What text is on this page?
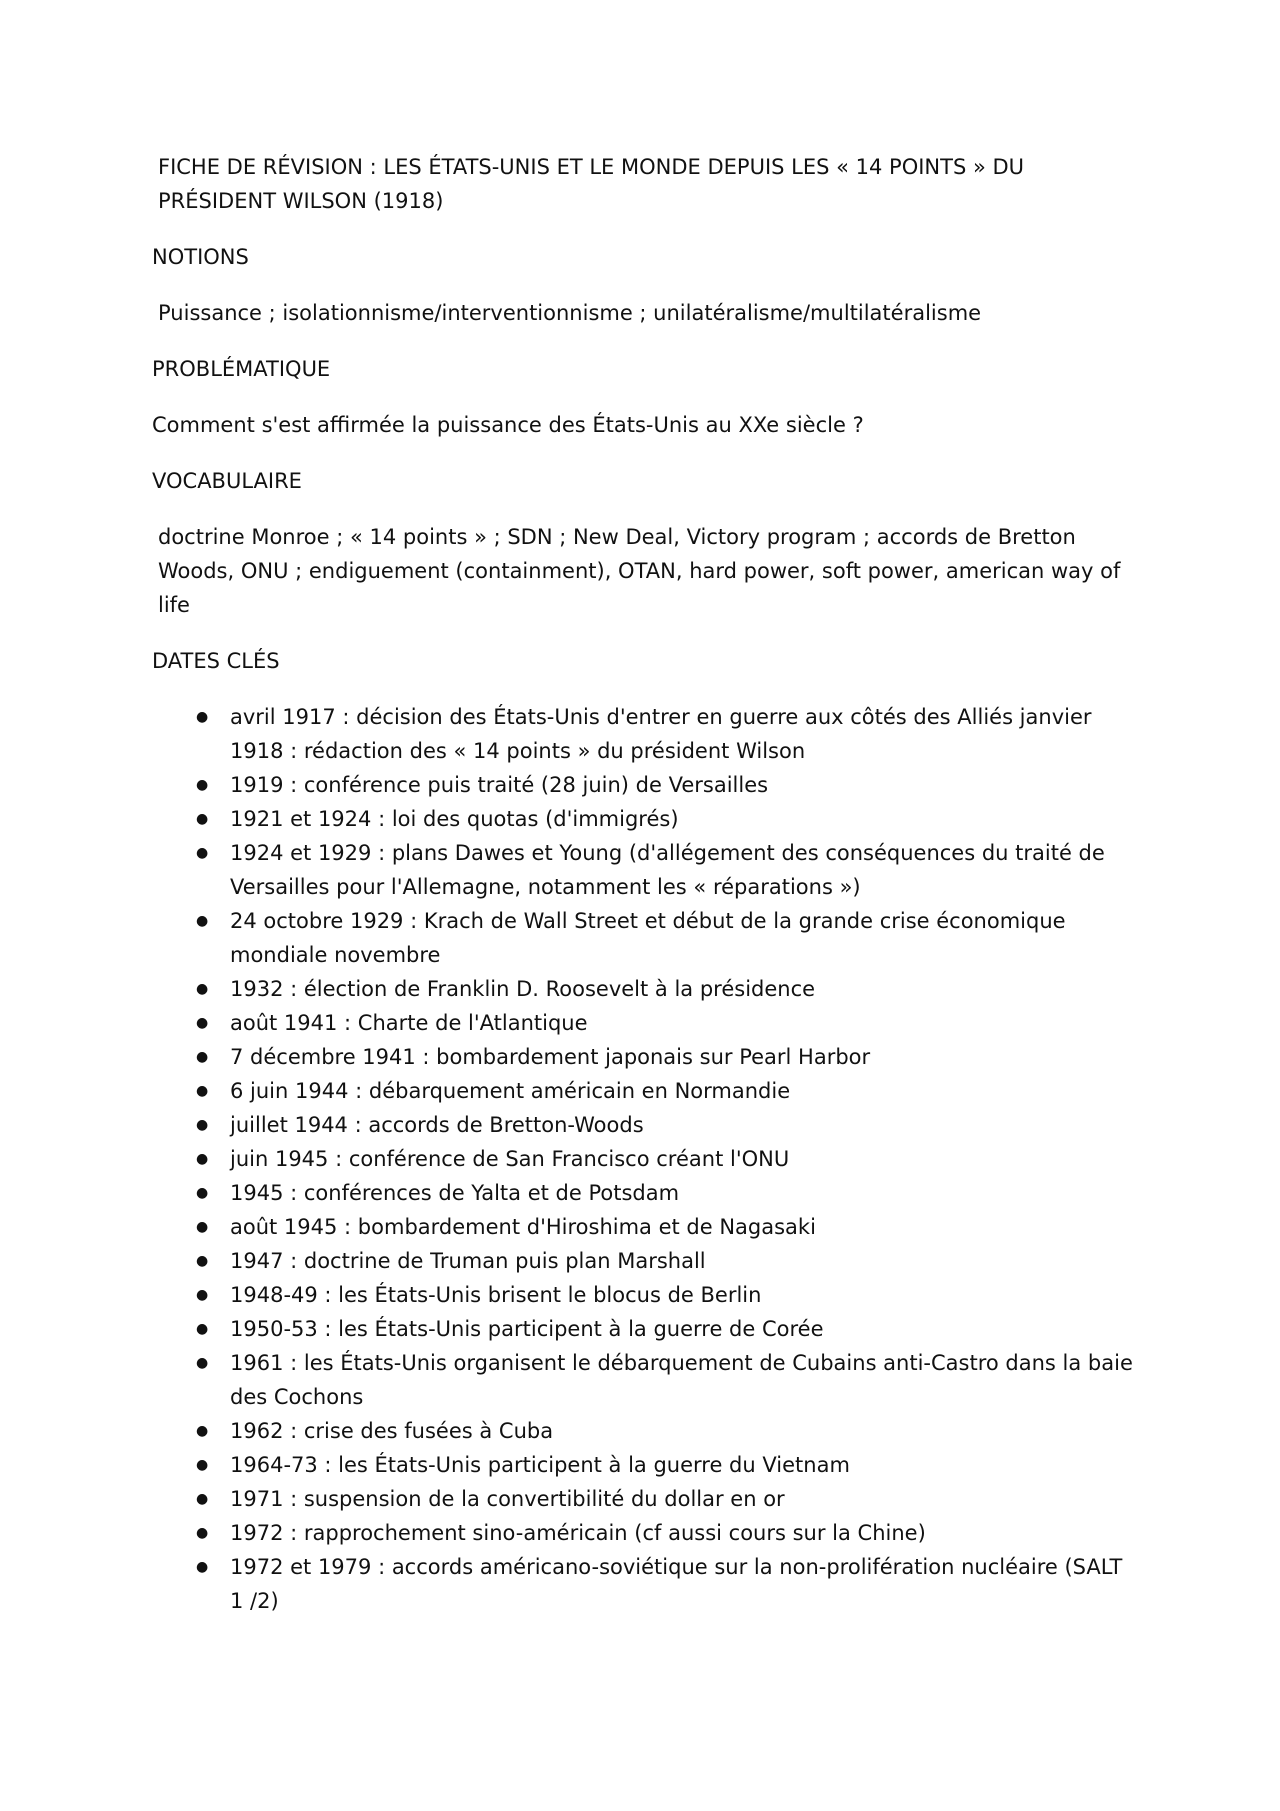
FICHE DE RÉVISION : LES ÉTATS-UNIS ET LE MONDE DEPUIS LES « 14 POINTS » DU PRÉSIDENT WILSON (1918)

NOTIONS

Puissance ; isolationnisme/interventionnisme ; unilatéralisme/multilatéralisme

PROBLÉMATIQUE

Comment s'est affirmée la puissance des États-Unis au XXe siècle ?

VOCABULAIRE

doctrine Monroe ; « 14 points » ; SDN ; New Deal, Victory program ; accords de Bretton Woods, ONU ; endiguement (containment), OTAN, hard power, soft power, american way of life

DATES CLÉS

● avril 1917 : décision des États-Unis d'entrer en guerre aux côtés des Alliés janvier 1918 : rédaction des « 14 points » du président Wilson
● 1919 : conférence puis traité (28 juin) de Versailles
● 1921 et 1924 : loi des quotas (d'immigrés)
● 1924 et 1929 : plans Dawes et Young (d'allégement des conséquences du traité de Versailles pour l'Allemagne, notamment les « réparations »)
● 24 octobre 1929 : Krach de Wall Street et début de la grande crise économique mondiale novembre
● 1932 : élection de Franklin D. Roosevelt à la présidence
● août 1941 : Charte de l'Atlantique
● 7 décembre 1941 : bombardement japonais sur Pearl Harbor
● 6 juin 1944 : débarquement américain en Normandie
● juillet 1944 : accords de Bretton-Woods
● juin 1945 : conférence de San Francisco créant l'ONU
● 1945 : conférences de Yalta et de Potsdam
● août 1945 : bombardement d'Hiroshima et de Nagasaki
● 1947 : doctrine de Truman puis plan Marshall
● 1948-49 : les États-Unis brisent le blocus de Berlin
● 1950-53 : les États-Unis participent à la guerre de Corée
● 1961 : les États-Unis organisent le débarquement de Cubains anti-Castro dans la baie des Cochons
● 1962 : crise des fusées à Cuba
● 1964-73 : les États-Unis participent à la guerre du Vietnam
● 1971 : suspension de la convertibilité du dollar en or
● 1972 : rapprochement sino-américain (cf aussi cours sur la Chine)
● 1972 et 1979 : accords américano-soviétique sur la non-prolifération nucléaire (SALT 1 /2)
